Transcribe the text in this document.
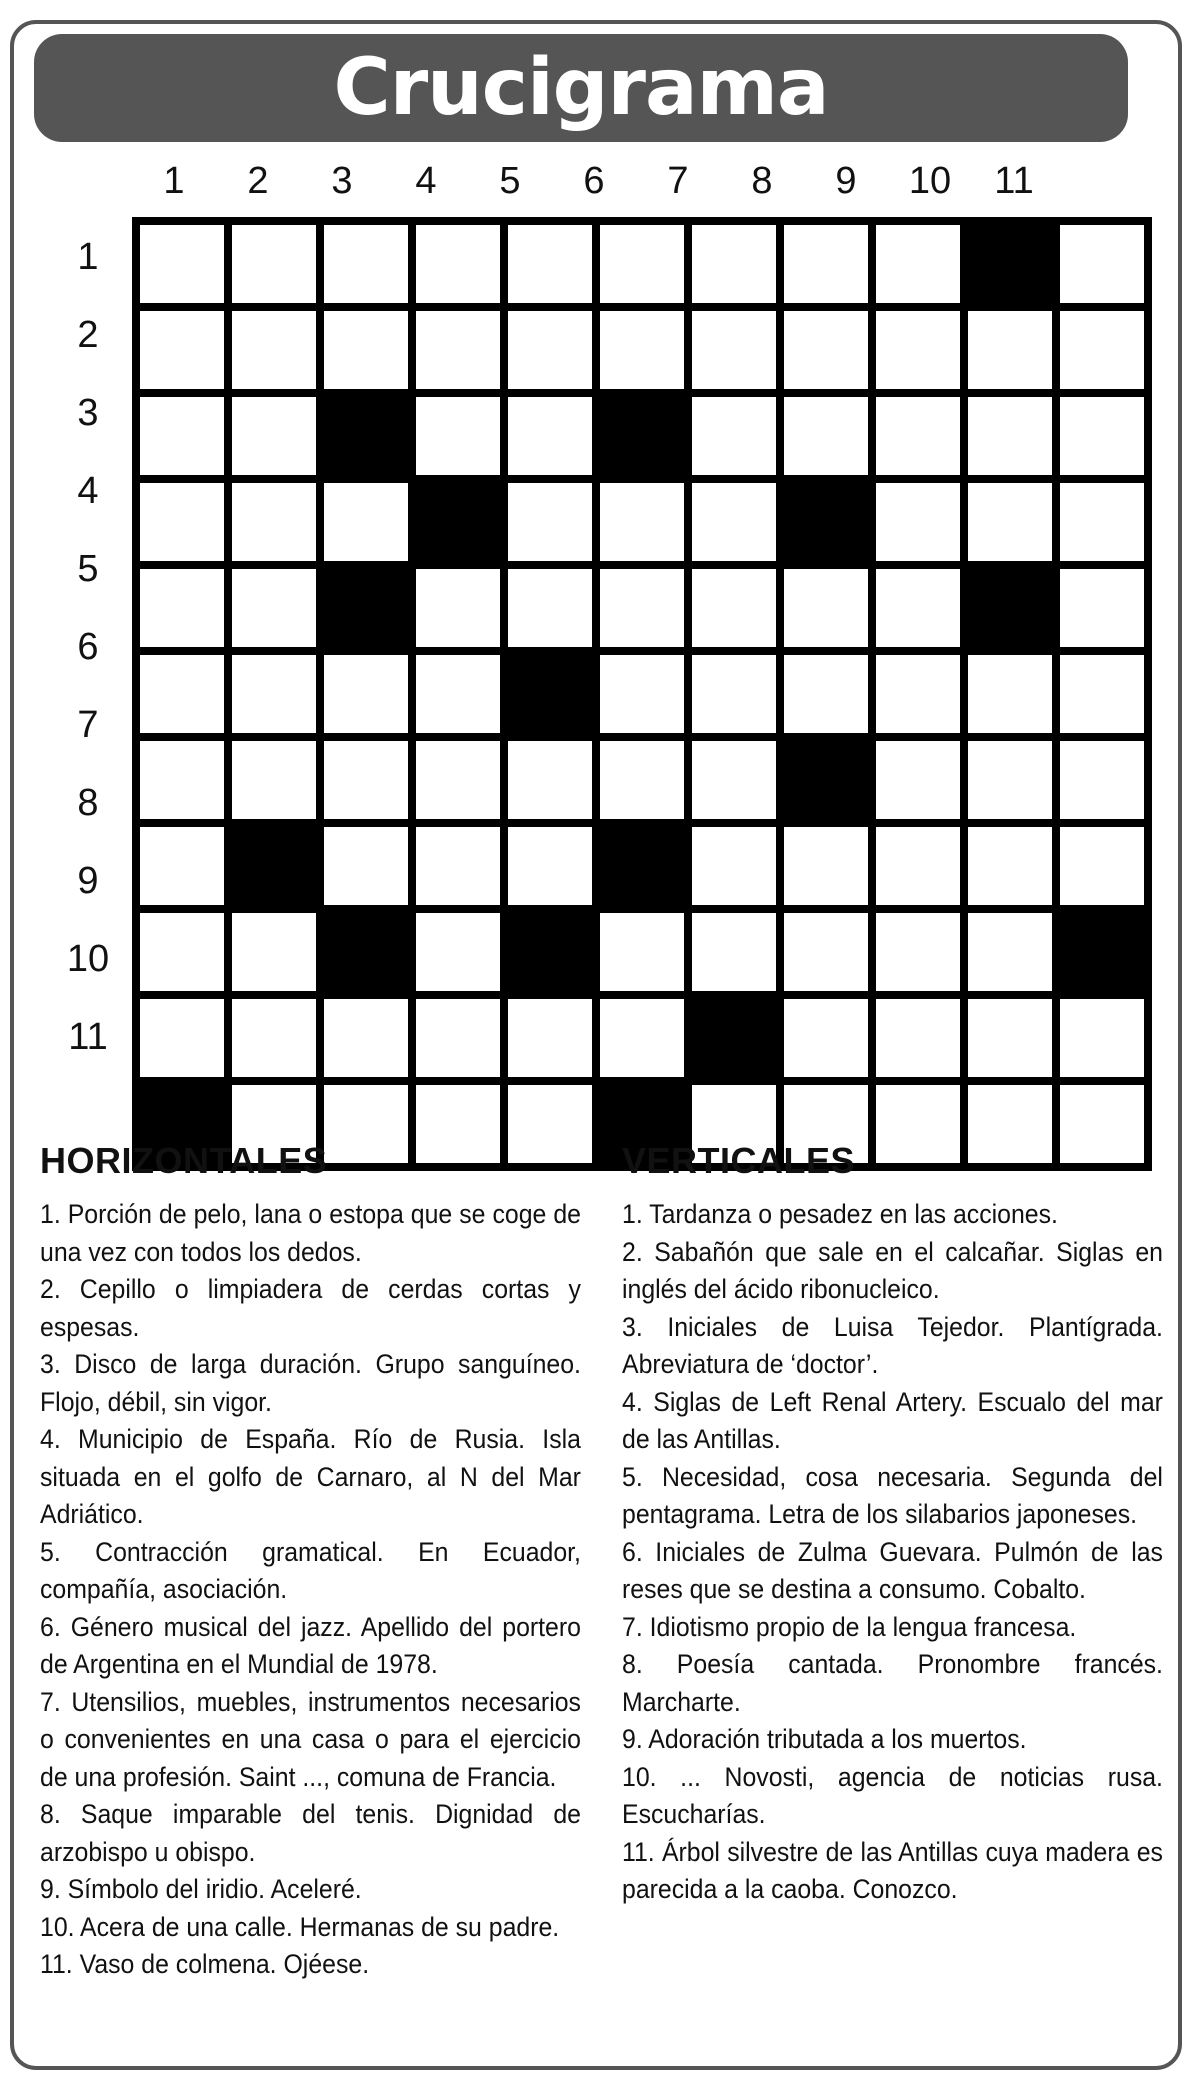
Crucigrama
1	2	3	4	5	6	7	8	9	10	11
1
2
3
4
5
6
7
8
9
10
11
HORIZONTALES
1. Porción de pelo, lana o estopa que se coge de una vez con todos los dedos.
2. Cepillo o limpiadera de cerdas cortas y espesas.
3. Disco de larga duración. Grupo sanguíneo. Flojo, débil, sin vigor.
4. Municipio de España. Río de Rusia. Isla situada en el golfo de Carnaro, al N del Mar Adriático.
5. Contracción gramatical. En Ecuador, compañía, asociación.
6. Género musical del jazz. Apellido del portero de Argentina en el Mundial de 1978.
7. Utensilios, muebles, instrumentos necesarios o convenientes en una casa o para el ejercicio de una profesión. Saint ..., comuna de Francia.
8. Saque imparable del tenis. Dignidad de arzobispo u obispo.
9. Símbolo del iridio. Aceleré.
10. Acera de una calle. Hermanas de su padre.
11. Vaso de colmena. Ojéese.
VERTICALES
1. Tardanza o pesadez en las acciones.
2. Sabañón que sale en el calcañar. Siglas en inglés del ácido ribonucleico.
3. Iniciales de Luisa Tejedor. Plantígrada. Abreviatura de ‘doctor’.
4. Siglas de Left Renal Artery. Escualo del mar de las Antillas.
5. Necesidad, cosa necesaria. Segunda del pentagrama. Letra de los silabarios japoneses.
6. Iniciales de Zulma Guevara. Pulmón de las reses que se destina a consumo. Cobalto.
7. Idiotismo propio de la lengua francesa.
8. Poesía cantada. Pronombre francés. Marcharte.
9. Adoración tributada a los muertos.
10. ... Novosti, agencia de noticias rusa. Escucharías.
11. Árbol silvestre de las Antillas cuya madera es parecida a la caoba. Conozco.
